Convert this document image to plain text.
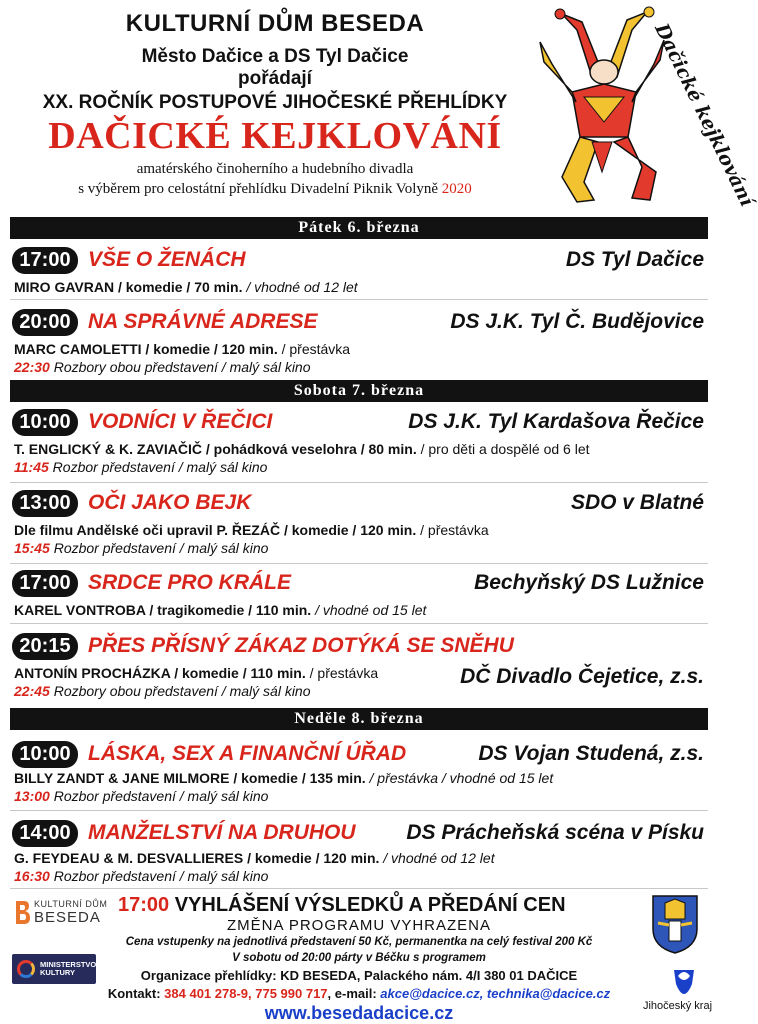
KULTURNÍ DŮM BESEDA
Město Dačice a DS Tyl Dačice
pořádají
XX. ROČNÍK POSTUPOVÉ JIHOČESKÉ PŘEHLÍDKY
DAČICKÉ KEJKLOVÁNÍ
amatérského činoherního a hudebního divadla
s výběrem pro celostátní přehlídku Divadelní Piknik Volyně 2020	Dačické kejklování
Pátek 6. března
17:00 VŠE O ŽENÁCH	DS Tyl Dačice
MIRO GAVRAN / komedie / 70 min. / vhodné od 12 let
20:00 NA SPRÁVNÉ ADRESE	DS J.K. Tyl Č. Budějovice
MARC CAMOLETTI / komedie / 120 min. / přestávka
22:30 Rozbory obou představení / malý sál kino
Sobota 7. března
10:00 VODNÍCI V ŘEČICI	DS J.K. Tyl Kardašova Řečice
T. ENGLICKÝ & K. ZAVIAČIČ / pohádková veselohra / 80 min. / pro děti a dospělé od 6 let
11:45 Rozbor představení / malý sál kino
13:00 OČI JAKO BEJK	SDO v Blatné
Dle filmu Andělské oči upravil P. ŘEZÁČ / komedie / 120 min. / přestávka
15:45 Rozbor představení / malý sál kino
17:00 SRDCE PRO KRÁLE	Bechyňský DS Lužnice
KAREL VONTROBA / tragikomedie / 110 min. / vhodné od 15 let
20:15 PŘES PŘÍSNÝ ZÁKAZ DOTÝKÁ SE SNĚHU
DČ Divadlo Čejetice, z.s.
ANTONÍN PROCHÁZKA / komedie / 110 min. / přestávka
22:45 Rozbory obou představení / malý sál kino
Neděle 8. března
10:00 LÁSKA, SEX A FINANČNÍ ÚŘAD	DS Vojan Studená, z.s.
BILLY ZANDT & JANE MILMORE / komedie / 135 min. / přestávka / vhodné od 15 let
13:00 Rozbor představení / malý sál kino
14:00 MANŽELSTVÍ NA DRUHOU DS Prácheňská scéna v Písku
G. FEYDEAU & M. DESVALLIERES / komedie / 120 min. / vhodné od 12 let
16:30 Rozbor představení / malý sál kino
KULTURNÍ DŮM
BESEDA
17:00 VYHLÁŠENÍ VÝSLEDKŮ A PŘEDÁNÍ CEN
ZMĚNA PROGRAMU VYHRAZENA
Cena vstupenky na jednotlivá představení 50 Kč, permanentka na celý festival 200 Kč
V sobotu od 20:00 párty v Béčku s programem
Organizace přehlídky: KD BESEDA, Palackého nám. 4/I 380 01 DAČICE
Kontakt: 384 401 278-9, 775 990 717, e-mail: akce@dacice.cz, technika@dacice.cz
www.besedadacice.cz
MINISTERSTVO KULTURY
Jihočeský kraj
